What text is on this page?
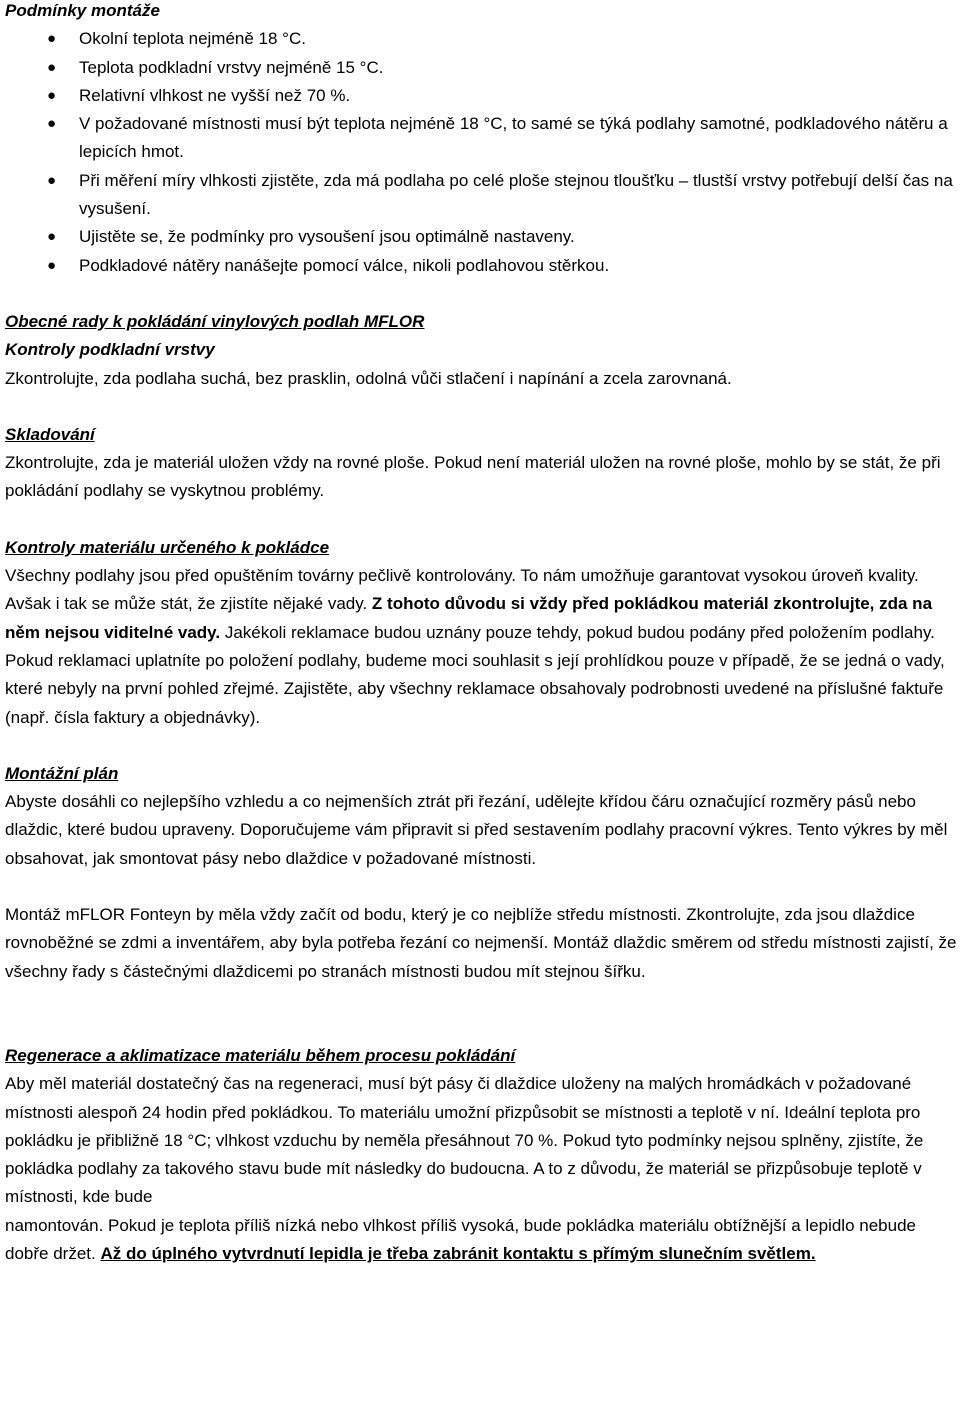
Podmínky montáže

● Okolní teplota nejméně 18 °C.
● Teplota podkladní vrstvy nejméně 15 °C.
● Relativní vlhkost ne vyšší než 70 %.
● V požadované místnosti musí být teplota nejméně 18 °C, to samé se týká podlahy samotné, podkladového nátěru a lepicích hmot.
● Při měření míry vlhkosti zjistěte, zda má podlaha po celé ploše stejnou tloušťku – tlustší vrstvy potřebují delší čas na vysušení.
● Ujistěte se, že podmínky pro vysoušení jsou optimálně nastaveny.
● Podkladové nátěry nanášejte pomocí válce, nikoli podlahovou stěrkou.

Obecné rady k pokládání vinylových podlah MFLOR

Kontroly podkladní vrstvy

Zkontrolujte, zda podlaha suchá, bez prasklin, odolná vůči stlačení i napínání a zcela zarovnaná.

Skladování

Zkontrolujte, zda je materiál uložen vždy na rovné ploše. Pokud není materiál uložen na rovné ploše, mohlo by se stát, že při pokládání podlahy se vyskytnou problémy.

Kontroly materiálu určeného k pokládce

Všechny podlahy jsou před opuštěním továrny pečlivě kontrolovány. To nám umožňuje garantovat vysokou úroveň kvality. Avšak i tak se může stát, že zjistíte nějaké vady. Z tohoto důvodu si vždy před pokládkou materiál zkontrolujte, zda na něm nejsou viditelné vady. Jakékoli reklamace budou uznány pouze tehdy, pokud budou podány před položením podlahy. Pokud reklamaci uplatníte po položení podlahy, budeme moci souhlasit s její prohlídkou pouze v případě, že se jedná o vady, které nebyly na první pohled zřejmé. Zajistěte, aby všechny reklamace obsahovaly podrobnosti uvedené na příslušné faktuře (např. čísla faktury a objednávky).

Montážní plán

Abyste dosáhli co nejlepšího vzhledu a co nejmenších ztrát při řezání, udělejte křídou čáru označující rozměry pásů nebo dlaždic, které budou upraveny. Doporučujeme vám připravit si před sestavením podlahy pracovní výkres. Tento výkres by měl obsahovat, jak smontovat pásy nebo dlaždice v požadované místnosti.

Montáž mFLOR Fonteyn by měla vždy začít od bodu, který je co nejblíže středu místnosti. Zkontrolujte, zda jsou dlaždice rovnoběžné se zdmi a inventářem, aby byla potřeba řezání co nejmenší. Montáž dlaždic směrem od středu místnosti zajistí, že všechny řady s částečnými dlaždicemi po stranách místnosti budou mít stejnou šířku.

Regenerace a aklimatizace materiálu během procesu pokládání

Aby měl materiál dostatečný čas na regeneraci, musí být pásy či dlaždice uloženy na malých hromádkách v požadované místnosti alespoň 24 hodin před pokládkou. To materiálu umožní přizpůsobit se místnosti a teplotě v ní. Ideální teplota pro pokládku je přibližně 18 °C; vlhkost vzduchu by neměla přesáhnout 70 %. Pokud tyto podmínky nejsou splněny, zjistíte, že pokládka podlahy za takového stavu bude mít následky do budoucna. A to z důvodu, že materiál se přizpůsobuje teplotě v místnosti, kde bude

namontován. Pokud je teplota příliš nízká nebo vlhkost příliš vysoká, bude pokládka materiálu obtížnější a lepidlo nebude dobře držet. Až do úplného vytvrdnutí lepidla je třeba zabránit kontaktu s přímým slunečním světlem.
